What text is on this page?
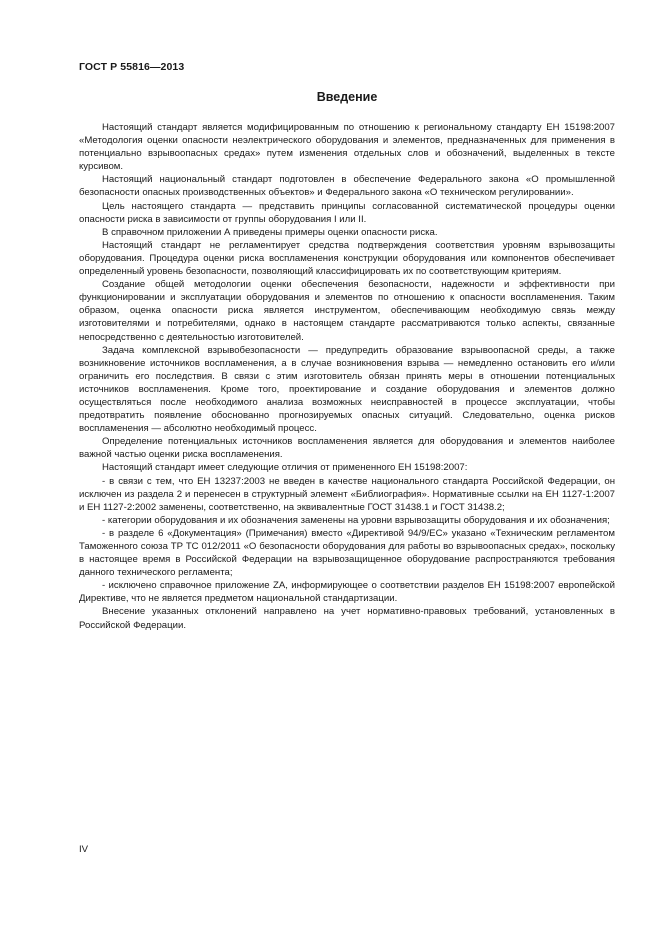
ГОСТ Р 55816—2013
Введение

Настоящий стандарт является модифицированным по отношению к региональному стандарту ЕН 15198:2007 «Методология оценки опасности неэлектрического оборудования и элементов, предназначенных для применения в потенциально взрывоопасных средах» путем изменения отдельных слов и обозначений, выделенных в тексте курсивом.

Настоящий национальный стандарт подготовлен в обеспечение Федерального закона «О промышленной безопасности опасных производственных объектов» и Федерального закона «О техническом регулировании».

Цель настоящего стандарта — представить принципы согласованной систематической процедуры оценки опасности риска в зависимости от группы оборудования I или II.

В справочном приложении А приведены примеры оценки опасности риска.

Настоящий стандарт не регламентирует средства подтверждения соответствия уровням взрывозащиты оборудования. Процедура оценки риска воспламенения конструкции оборудования или компонентов обеспечивает определенный уровень безопасности, позволяющий классифицировать их по соответствующим критериям.

Создание общей методологии оценки обеспечения безопасности, надежности и эффективности при функционировании и эксплуатации оборудования и элементов по отношению к опасности воспламенения. Таким образом, оценка опасности риска является инструментом, обеспечивающим необходимую связь между изготовителями и потребителями, однако в настоящем стандарте рассматриваются только аспекты, связанные непосредственно с деятельностью изготовителей.

Задача комплексной взрывобезопасности — предупредить образование взрывоопасной среды, а также возникновение источников воспламенения, а в случае возникновения взрыва — немедленно остановить его и/или ограничить его последствия. В связи с этим изготовитель обязан принять меры в отношении потенциальных источников воспламенения. Кроме того, проектирование и создание оборудования и элементов должно осуществляться после необходимого анализа возможных неисправностей в процессе эксплуатации, чтобы предотвратить появление обоснованно прогнозируемых опасных ситуаций. Следовательно, оценка рисков воспламенения — абсолютно необходимый процесс.

Определение потенциальных источников воспламенения является для оборудования и элементов наиболее важной частью оценки риска воспламенения.

Настоящий стандарт имеет следующие отличия от примененного ЕН 15198:2007:

- в связи с тем, что ЕН 13237:2003 не введен в качестве национального стандарта Российской Федерации, он исключен из раздела 2 и перенесен в структурный элемент «Библиография». Нормативные ссылки на ЕН 1127-1:2007 и ЕН 1127-2:2002 заменены, соответственно, на эквивалентные ГОСТ 31438.1 и ГОСТ 31438.2;

- категории оборудования и их обозначения заменены на уровни взрывозащиты оборудования и их обозначения;

- в разделе 6 «Документация» (Примечания) вместо «Директивой 94/9/ЕС» указано «Техническим регламентом Таможенного союза ТР ТС 012/2011 «О безопасности оборудования для работы во взрывоопасных средах», поскольку в настоящее время в Российской Федерации на взрывозащищенное оборудование распространяются требования данного технического регламента;

- исключено справочное приложение ZA, информирующее о соответствии разделов ЕН 15198:2007 европейской Директиве, что не является предметом национальной стандартизации.

Внесение указанных отклонений направлено на учет нормативно-правовых требований, установленных в Российской Федерации.

IV
